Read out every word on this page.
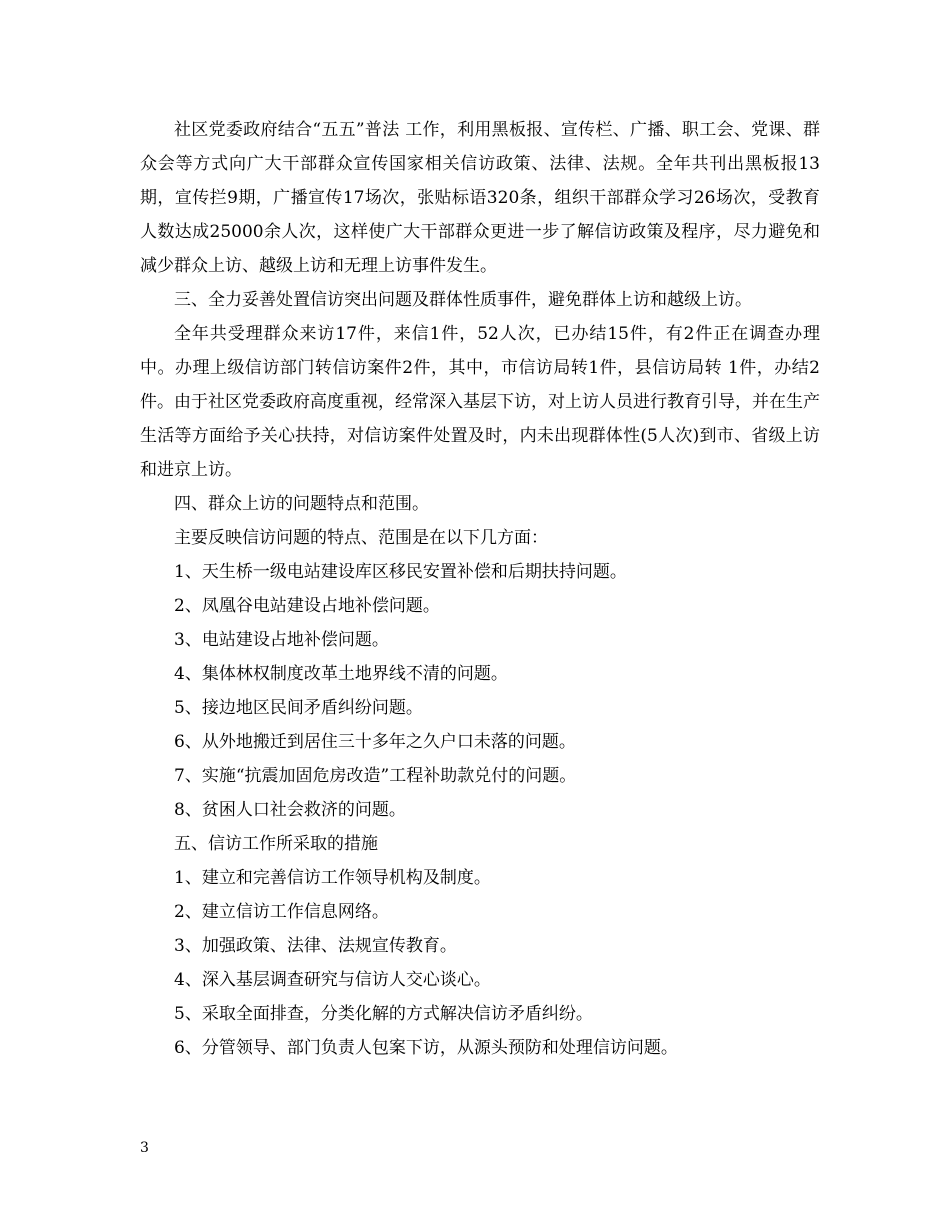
社区党委政府结合“五五”普法 工作，利用黑板报、宣传栏、广播、职工会、党课、群众会等方式向广大干部群众宣传国家相关信访政策、法律、法规。全年共刊出黑板报13期，宣传拦9期，广播宣传17场次，张贴标语320条，组织干部群众学习26场次，受教育人数达成25000余人次，这样使广大干部群众更进一步了解信访政策及程序，尽力避免和减少群众上访、越级上访和无理上访事件发生。

三、全力妥善处置信访突出问题及群体性质事件，避免群体上访和越级上访。

全年共受理群众来访17件，来信1件，52人次，已办结15件，有2件正在调查办理中。办理上级信访部门转信访案件2件，其中，市信访局转1件，县信访局转 1件，办结2件。由于社区党委政府高度重视，经常深入基层下访，对上访人员进行教育引导，并在生产生活等方面给予关心扶持，对信访案件处置及时，内未出现群体性(5人次)到市、省级上访和进京上访。

四、群众上访的问题特点和范围。

主要反映信访问题的特点、范围是在以下几方面：

1、天生桥一级电站建设库区移民安置补偿和后期扶持问题。

2、凤凰谷电站建设占地补偿问题。

3、电站建设占地补偿问题。

4、集体林权制度改革土地界线不清的问题。

5、接边地区民间矛盾纠纷问题。

6、从外地搬迁到居住三十多年之久户口未落的问题。

7、实施“抗震加固危房改造”工程补助款兑付的问题。

8、贫困人口社会救济的问题。

五、信访工作所采取的措施

1、建立和完善信访工作领导机构及制度。

2、建立信访工作信息网络。

3、加强政策、法律、法规宣传教育。

4、深入基层调查研究与信访人交心谈心。

5、采取全面排查，分类化解的方式解决信访矛盾纠纷。

6、分管领导、部门负责人包案下访，从源头预防和处理信访问题。

3
